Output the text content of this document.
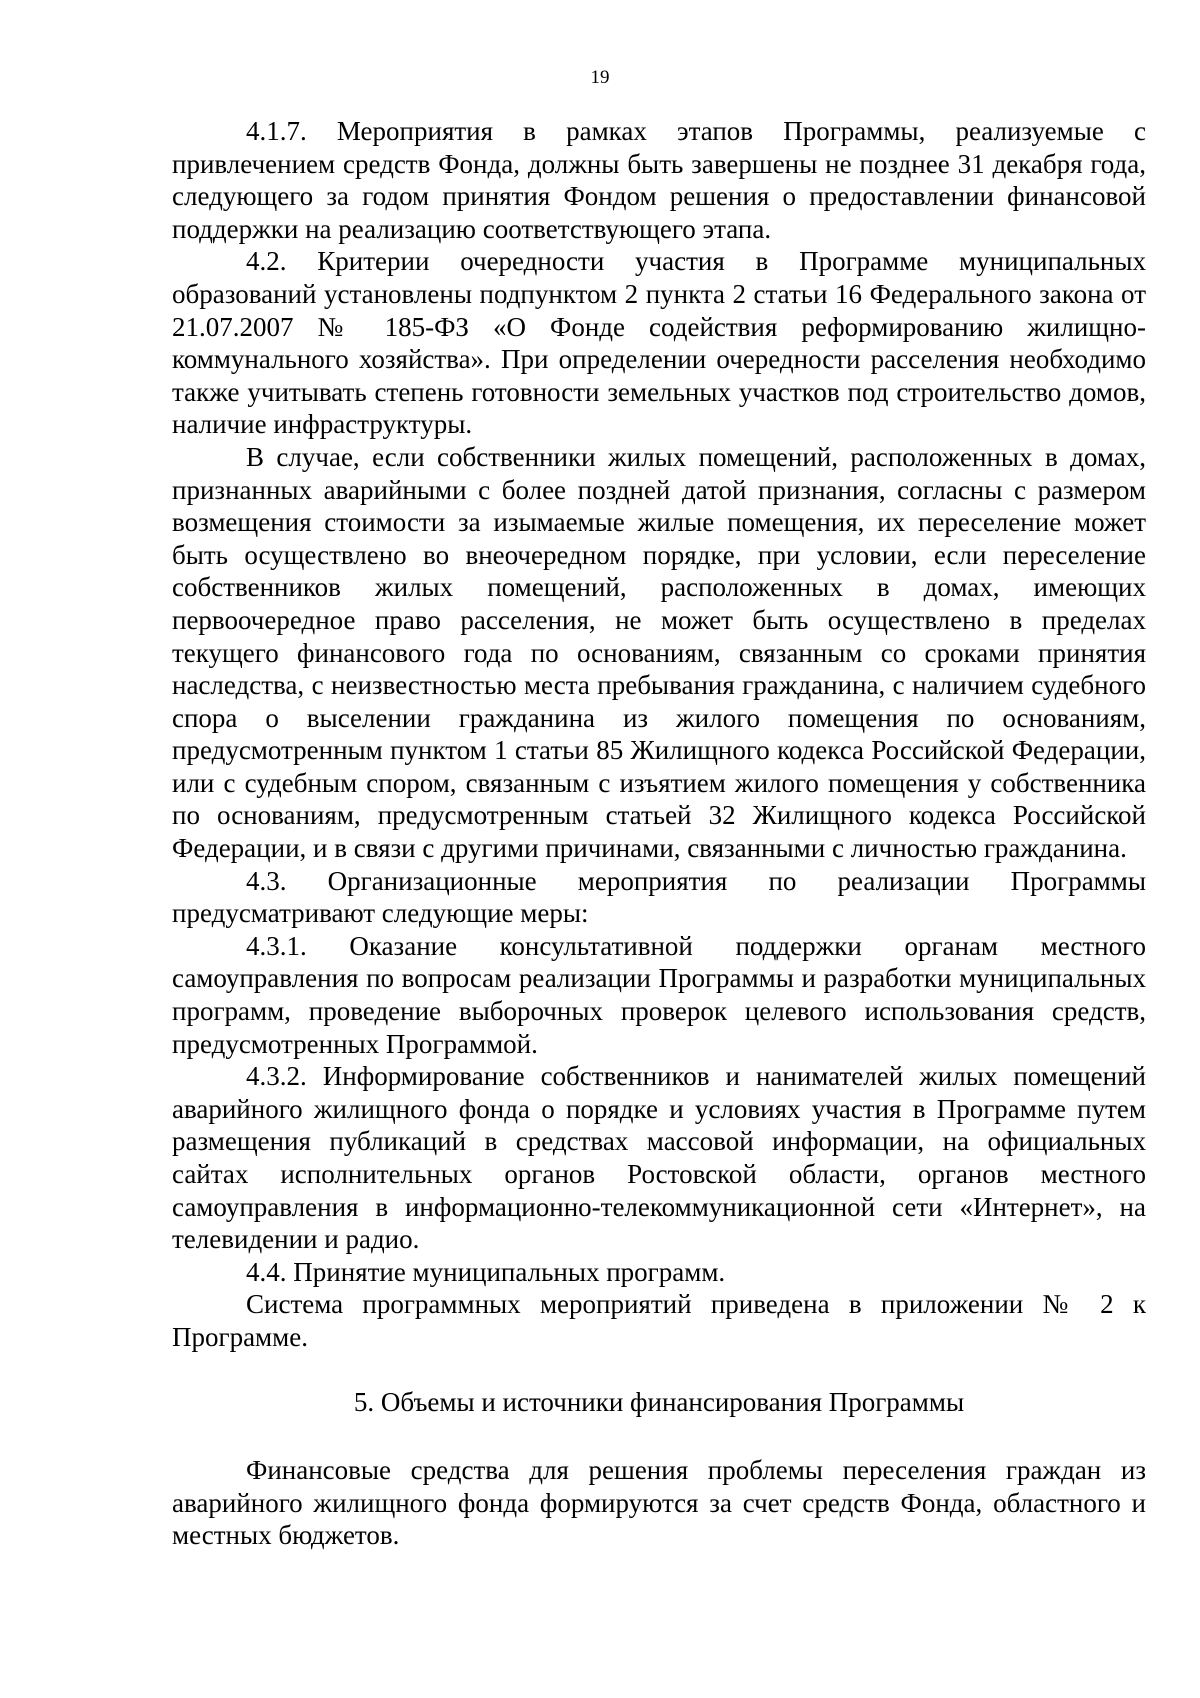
19

4.1.7. Мероприятия в рамках этапов Программы, реализуемые с привлечением средств Фонда, должны быть завершены не позднее 31 декабря года, следующего за годом принятия Фондом решения о предоставлении финансовой поддержки на реализацию соответствующего этапа.

4.2. Критерии очередности участия в Программе муниципальных образований установлены подпунктом 2 пункта 2 статьи 16 Федерального закона от 21.07.2007 № 185-ФЗ «О Фонде содействия реформированию жилищно-коммунального хозяйства». При определении очередности расселения необходимо также учитывать степень готовности земельных участков под строительство домов, наличие инфраструктуры.

В случае, если собственники жилых помещений, расположенных в домах, признанных аварийными с более поздней датой признания, согласны с размером возмещения стоимости за изымаемые жилые помещения, их переселение может быть осуществлено во внеочередном порядке, при условии, если переселение собственников жилых помещений, расположенных в домах, имеющих первоочередное право расселения, не может быть осуществлено в пределах текущего финансового года по основаниям, связанным со сроками принятия наследства, с неизвестностью места пребывания гражданина, с наличием судебного спора о выселении гражданина из жилого помещения по основаниям, предусмотренным пунктом 1 статьи 85 Жилищного кодекса Российской Федерации, или с судебным спором, связанным с изъятием жилого помещения у собственника по основаниям, предусмотренным статьей 32 Жилищного кодекса Российской Федерации, и в связи с другими причинами, связанными с личностью гражданина.

4.3. Организационные мероприятия по реализации Программы предусматривают следующие меры:

4.3.1. Оказание консультативной поддержки органам местного самоуправления по вопросам реализации Программы и разработки муниципальных программ, проведение выборочных проверок целевого использования средств, предусмотренных Программой.

4.3.2. Информирование собственников и нанимателей жилых помещений аварийного жилищного фонда о порядке и условиях участия в Программе путем размещения публикаций в средствах массовой информации, на официальных сайтах исполнительных органов Ростовской области, органов местного самоуправления в информационно-телекоммуникационной сети «Интернет», на телевидении и радио.

4.4. Принятие муниципальных программ.

Система программных мероприятий приведена в приложении № 2 к Программе.

5. Объемы и источники финансирования Программы

Финансовые средства для решения проблемы переселения граждан из аварийного жилищного фонда формируются за счет средств Фонда, областного и местных бюджетов.
